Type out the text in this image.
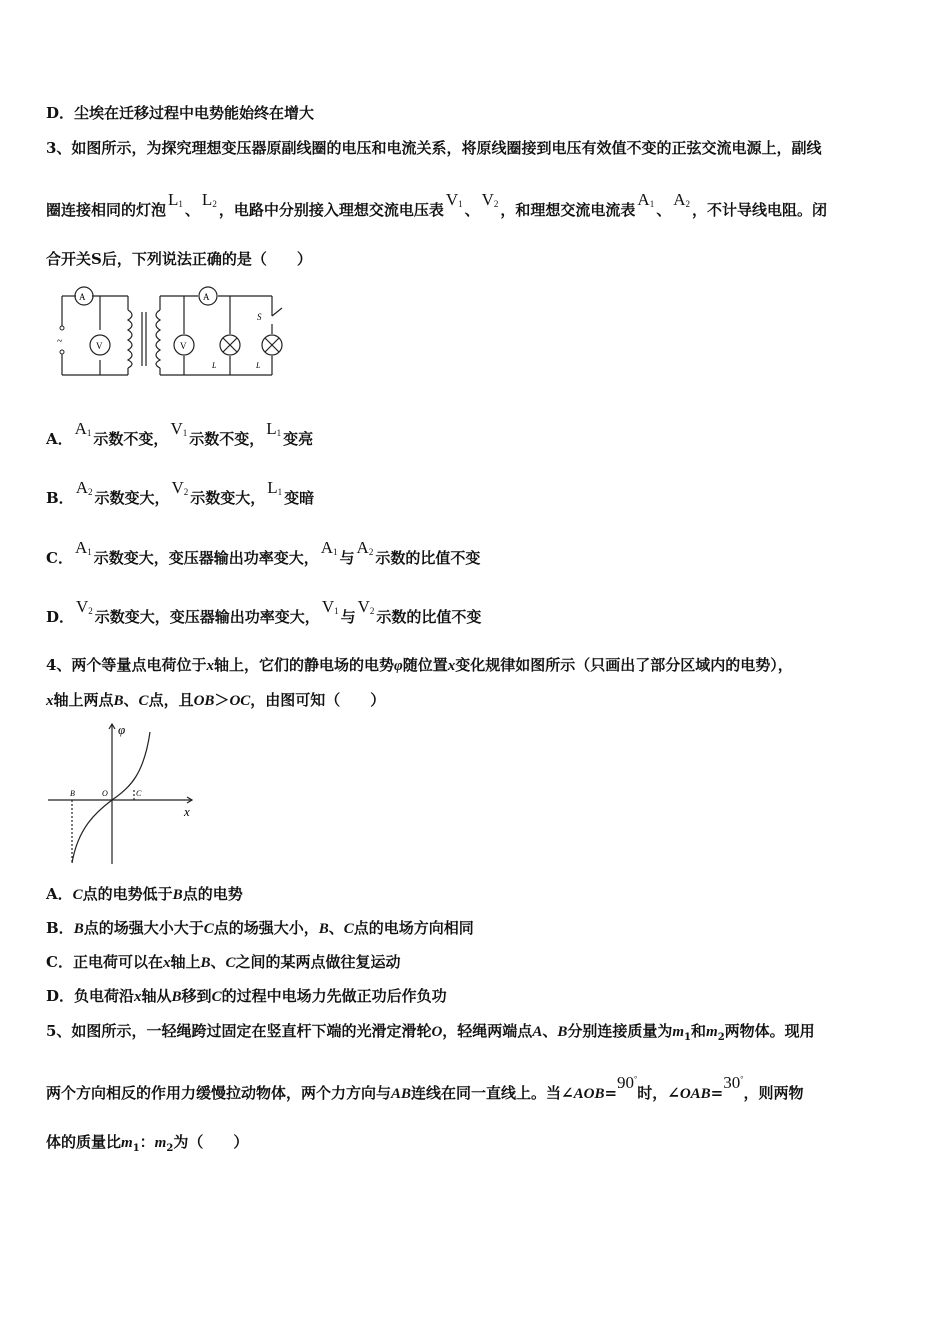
D．尘埃在迁移过程中电势能始终在增大
3、如图所示，为探究理想变压器原副线圈的电压和电流关系，将原线圈接到电压有效值不变的正弦交流电源上，副线
圈连接相同的灯泡$L_1$ 、$L_2$ ，电路中分别接入理想交流电压表$V_1$ 、$V_2$ ，和理想交流电流表$A_1$ 、$A_2$ ，不计导线电阻。闭
合开关S后，下列说法正确的是（　　）
~
A
V
A
V
S
L	L
A．$A_1$ 示数不变，$V_1$ 示数不变，$L_1$ 变亮
B．$A_2$ 示数变大，$V_2$ 示数变大，$L_1$ 变暗
C．$A_1$ 示数变大，变压器输出功率变大，$A_1$ 与$A_2$ 示数的比值不变
D．$V_2$ 示数变大，变压器输出功率变大，$V_1$ 与$V_2$ 示数的比值不变
4、两个等量点电荷位于x轴上，它们的静电场的电势φ随位置x变化规律如图所示（只画出了部分区域内的电势），
x轴上两点B、C点，且OB＞OC，由图可知（　　）
φ
x
B	O	C
A．C点的电势低于B点的电势
B．B点的场强大小大于C点的场强大小，B、C点的电场方向相同
C．正电荷可以在x轴上B、C之间的某两点做往复运动
D．负电荷沿x轴从B移到C的过程中电场力先做正功后作负功
5、如图所示，一轻绳跨过固定在竖直杆下端的光滑定滑轮O，轻绳两端点A、B分别连接质量为$m_1$和$m_2$两物体。现用
两个方向相反的作用力缓慢拉动物体，两个力方向与AB连线在同一直线上。当∠AOB=90°时，∠OAB=30°，则两物
体的质量比$m_1$：$m_2$为（　　）
